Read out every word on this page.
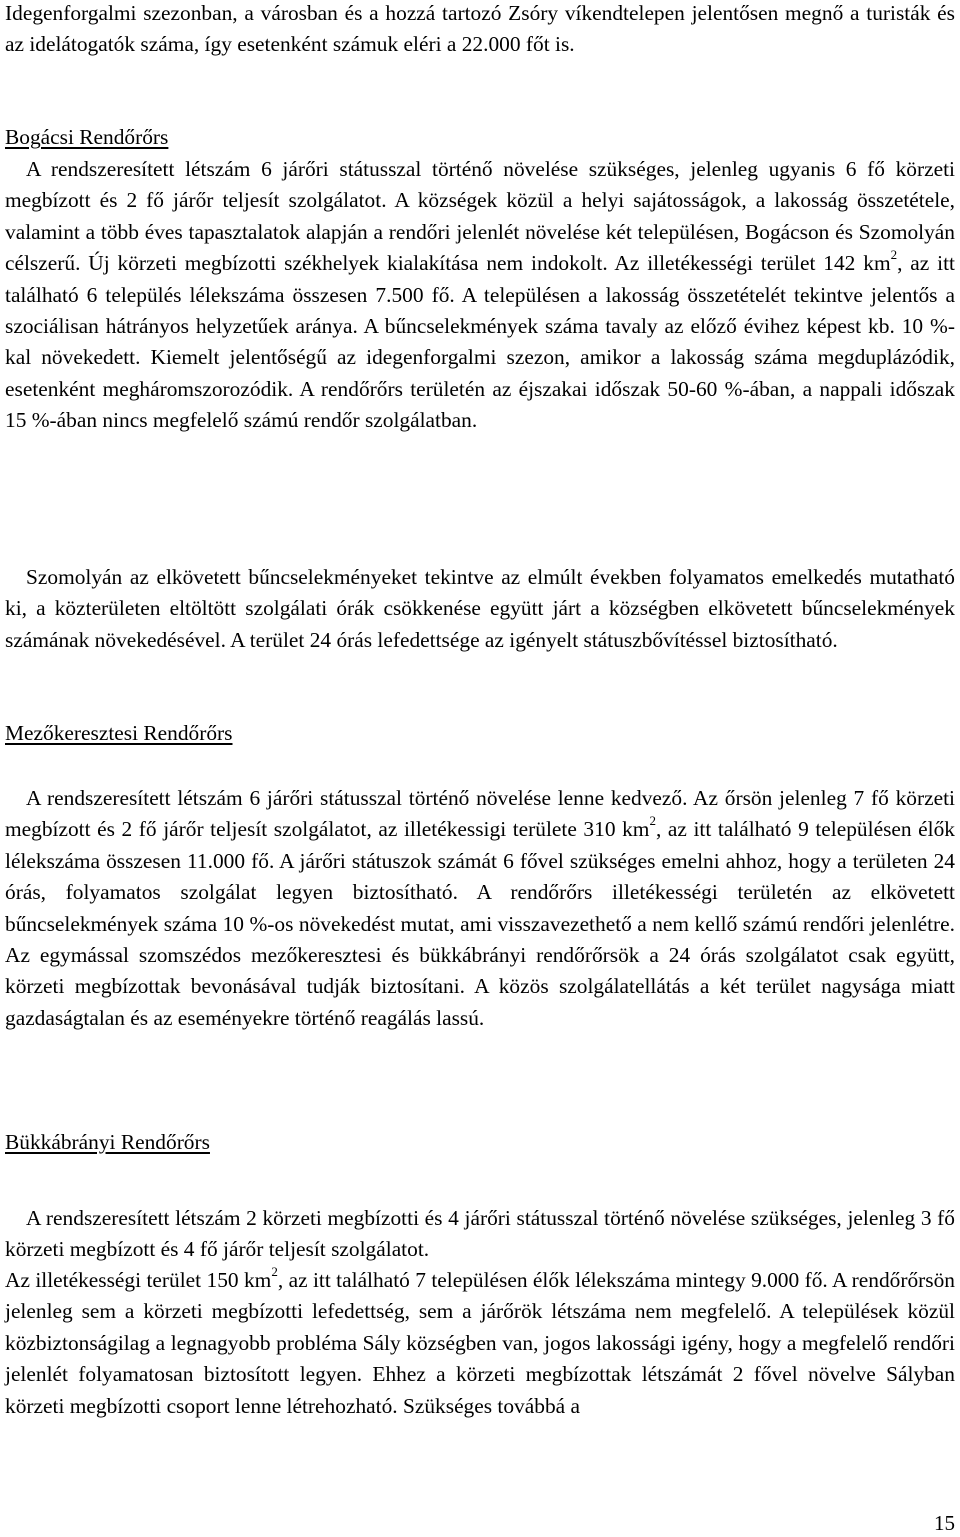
Idegenforgalmi szezonban, a városban és a hozzá tartozó Zsóry víkendtelepen jelentősen megnő a turisták és az idelátogatók száma, így esetenként számuk eléri a 22.000 főt is.

Bogácsi Rendőrőrs

A rendszeresített létszám 6 járőri státusszal történő növelése szükséges, jelenleg ugyanis 6 fő körzeti megbízott és 2 fő járőr teljesít szolgálatot. A községek közül a helyi sajátosságok, a lakosság összetétele, valamint a több éves tapasztalatok alapján a rendőri jelenlét növelése két településen, Bogácson és Szomolyán célszerű. Új körzeti megbízotti székhelyek kialakítása nem indokolt. Az illetékességi terület 142 $km^2$, az itt található 6 település lélekszáma összesen 7.500 fő. A településen a lakosság összetételét tekintve jelentős a szociálisan hátrányos helyzetűek aránya. A bűncselekmények száma tavaly az előző évihez képest kb. 10 %-kal növekedett. Kiemelt jelentőségű az idegenforgalmi szezon, amikor a lakosság száma megduplázódik, esetenként megháromszorozódik. A rendőrőrs területén az éjszakai időszak 50-60 %-ában, a nappali időszak 15 %-ában nincs megfelelő számú rendőr szolgálatban.

Szomolyán az elkövetett bűncselekményeket tekintve az elmúlt években folyamatos emelkedés mutatható ki, a közterületen eltöltött szolgálati órák csökkenése együtt járt a községben elkövetett bűncselekmények számának növekedésével. A terület 24 órás lefedettsége az igényelt státuszbővítéssel biztosítható.

Mezőkeresztesi Rendőrőrs

A rendszeresített létszám 6 járőri státusszal történő növelése lenne kedvező. Az őrsön jelenleg 7 fő körzeti megbízott és 2 fő járőr teljesít szolgálatot, az illetékessigi területe 310 $km^2$, az itt található 9 településen élők lélekszáma összesen 11.000 fő. A járőri státuszok számát 6 fővel szükséges emelni ahhoz, hogy a területen 24 órás, folyamatos szolgálat legyen biztosítható. A rendőrőrs illetékességi területén az elkövetett bűncselekmények száma 10 %-os növekedést mutat, ami visszavezethető a nem kellő számú rendőri jelenlétre. Az egymással szomszédos mezőkeresztesi és bükkábrányi rendőrőrsök a 24 órás szolgálatot csak együtt, körzeti megbízottak bevonásával tudják biztosítani. A közös szolgálatellátás a két terület nagysága miatt gazdaságtalan és az eseményekre történő reagálás lassú.

Bükkábrányi Rendőrőrs

A rendszeresített létszám 2 körzeti megbízotti és 4 járőri státusszal történő növelése szükséges, jelenleg 3 fő körzeti megbízott és 4 fő járőr teljesít szolgálatot.

Az illetékességi terület 150 $km^2$, az itt található 7 településen élők lélekszáma mintegy 9.000 fő. A rendőrőrsön jelenleg sem a körzeti megbízotti lefedettség, sem a járőrök létszáma nem megfelelő. A települések közül közbiztonságilag a legnagyobb probléma Sály községben van, jogos lakossági igény, hogy a megfelelő rendőri jelenlét folyamatosan biztosított legyen. Ehhez a körzeti megbízottak létszámát 2 fővel növelve Sályban körzeti megbízotti csoport lenne létrehozható. Szükséges továbbá a

15
